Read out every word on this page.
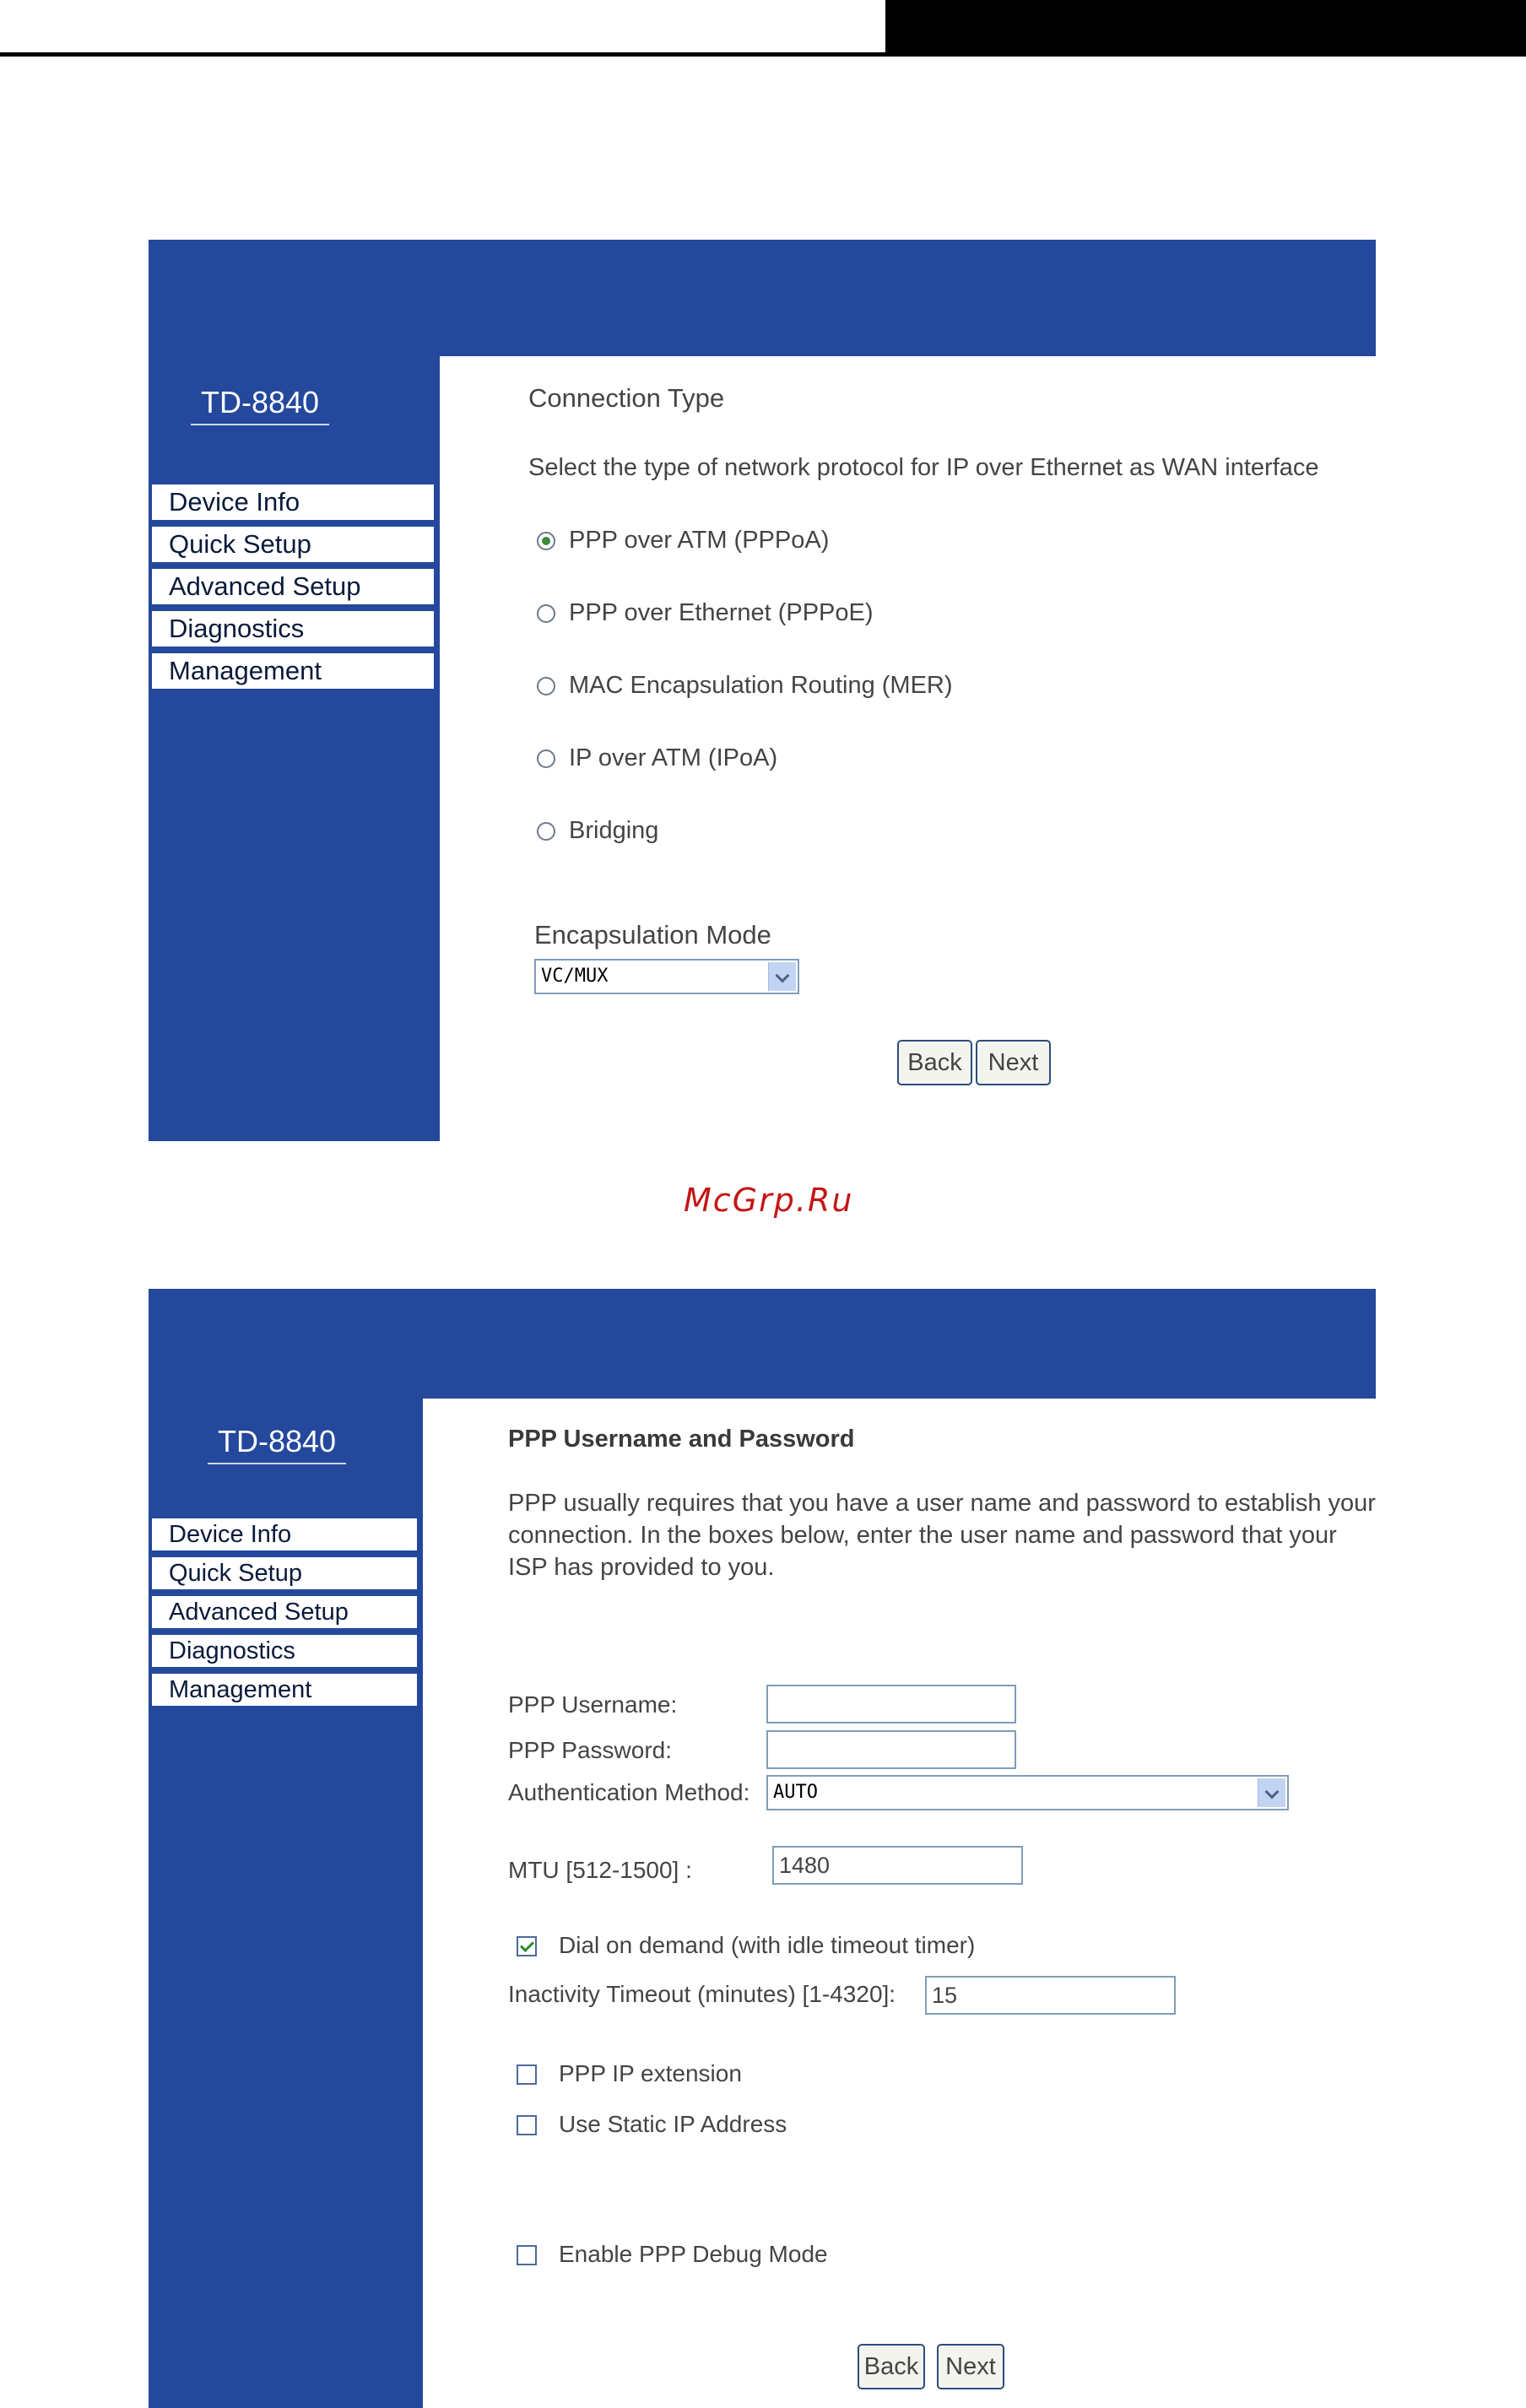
TD-8840
Device Info
Quick Setup
Advanced Setup
Diagnostics
Management
Connection Type
Select the type of network protocol for IP over Ethernet as WAN interface
PPP over ATM (PPPoA)
PPP over Ethernet (PPPoE)
MAC Encapsulation Routing (MER)
IP over ATM (IPoA)
Bridging
Encapsulation Mode
VC/MUX
Back	Next
McGrp.Ru
TD-8840
Device Info
Quick Setup
Advanced Setup
Diagnostics
Management
PPP Username and Password
PPP usually requires that you have a user name and password to establish your
connection. In the boxes below, enter the user name and password that your
ISP has provided to you.
PPP Username:
PPP Password:
Authentication Method:	AUTO
MTU [512-1500] :	1480
Dial on demand (with idle timeout timer)
Inactivity Timeout (minutes) [1-4320]: 15
PPP IP extension
Use Static IP Address
Enable PPP Debug Mode
Back	Next
